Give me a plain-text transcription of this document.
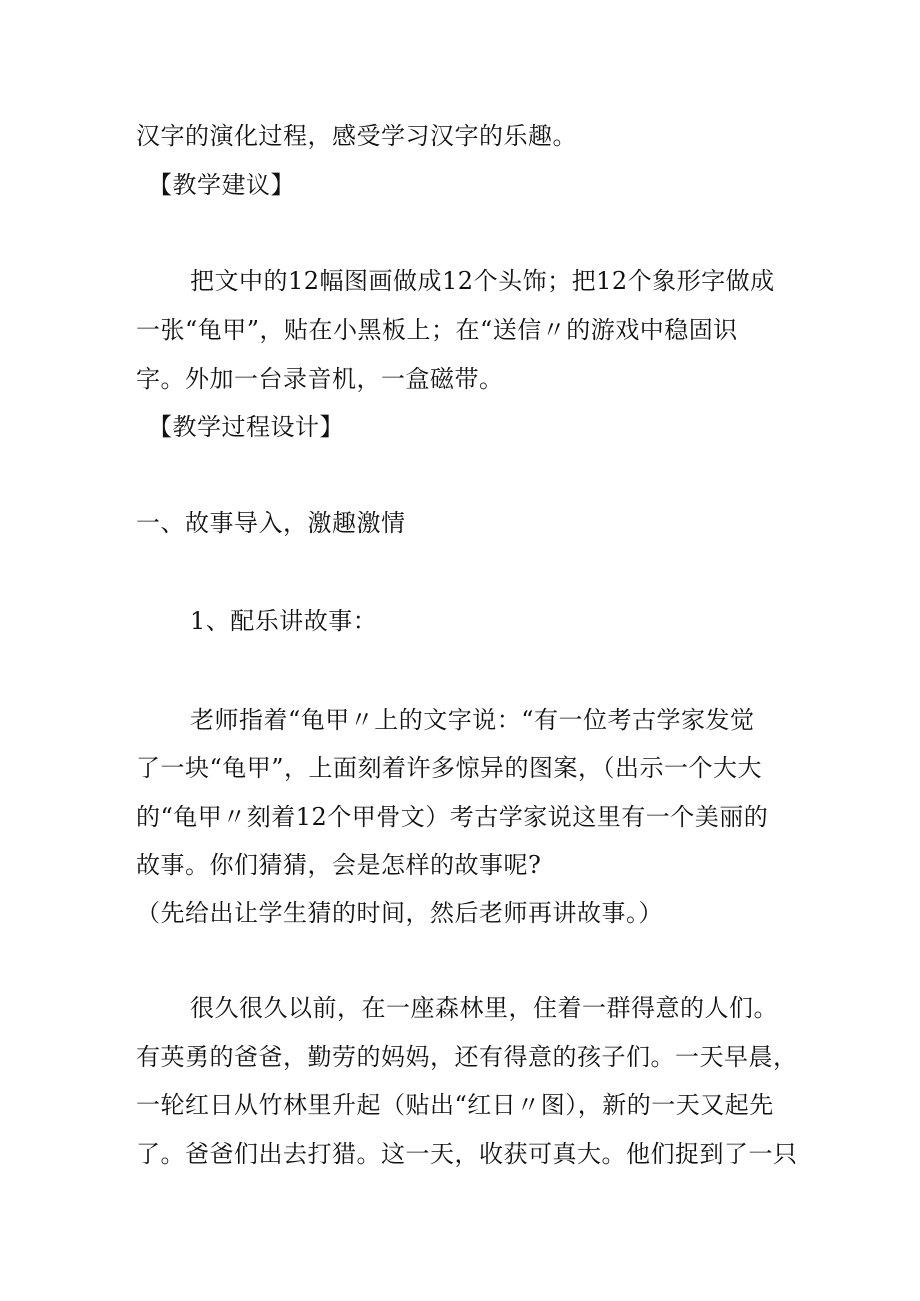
汉字的演化过程，感受学习汉字的乐趣。
【教学建议】
把文中的12幅图画做成12个头饰；把12个象形字做成
一张“龟甲”，贴在小黑板上；在“送信〃的游戏中稳固识
字。外加一台录音机，一盒磁带。
【教学过程设计】
一、故事导入，激趣激情
1、配乐讲故事：
老师指着“龟甲〃上的文字说：“有一位考古学家发觉
了一块“龟甲”，上面刻着许多惊异的图案，（出示一个大大
的“龟甲〃刻着12个甲骨文）考古学家说这里有一个美丽的
故事。你们猜猜，会是怎样的故事呢?
（先给出让学生猜的时间，然后老师再讲故事。）
很久很久以前，在一座森林里，住着一群得意的人们。
有英勇的爸爸，勤劳的妈妈，还有得意的孩子们。一天早晨，
一轮红日从竹林里升起（贴出“红日〃图），新的一天又起先
了。爸爸们出去打猎。这一天，收获可真大。他们捉到了一只
